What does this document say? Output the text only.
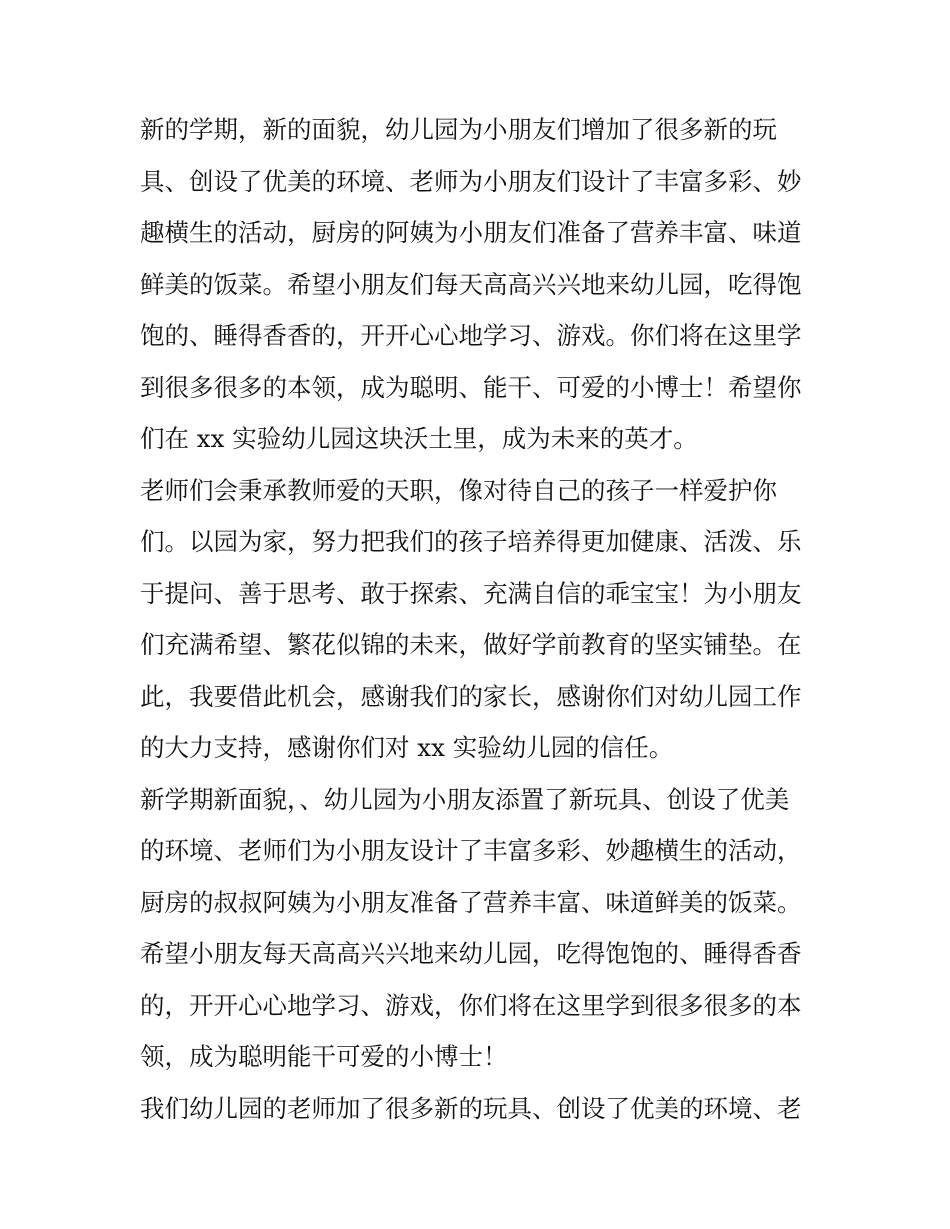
新的学期，新的面貌，幼儿园为小朋友们增加了很多新的玩
具、创设了优美的环境、老师为小朋友们设计了丰富多彩、妙
趣横生的活动，厨房的阿姨为小朋友们准备了营养丰富、味道
鲜美的饭菜。希望小朋友们每天高高兴兴地来幼儿园，吃得饱
饱的、睡得香香的，开开心心地学习、游戏。你们将在这里学
到很多很多的本领，成为聪明、能干、可爱的小博士！希望你
们在 xx 实验幼儿园这块沃土里，成为未来的英才。
老师们会秉承教师爱的天职，像对待自己的孩子一样爱护你
们。以园为家，努力把我们的孩子培养得更加健康、活泼、乐
于提问、善于思考、敢于探索、充满自信的乖宝宝！为小朋友
们充满希望、繁花似锦的未来，做好学前教育的坚实铺垫。在
此，我要借此机会，感谢我们的家长，感谢你们对幼儿园工作
的大力支持，感谢你们对 xx 实验幼儿园的信任。
新学期新面貌，、幼儿园为小朋友添置了新玩具、创设了优美
的环境、老师们为小朋友设计了丰富多彩、妙趣横生的活动，
厨房的叔叔阿姨为小朋友准备了营养丰富、味道鲜美的饭菜。
希望小朋友每天高高兴兴地来幼儿园，吃得饱饱的、睡得香香
的，开开心心地学习、游戏，你们将在这里学到很多很多的本
领，成为聪明能干可爱的小博士！
我们幼儿园的老师加了很多新的玩具、创设了优美的环境、老
